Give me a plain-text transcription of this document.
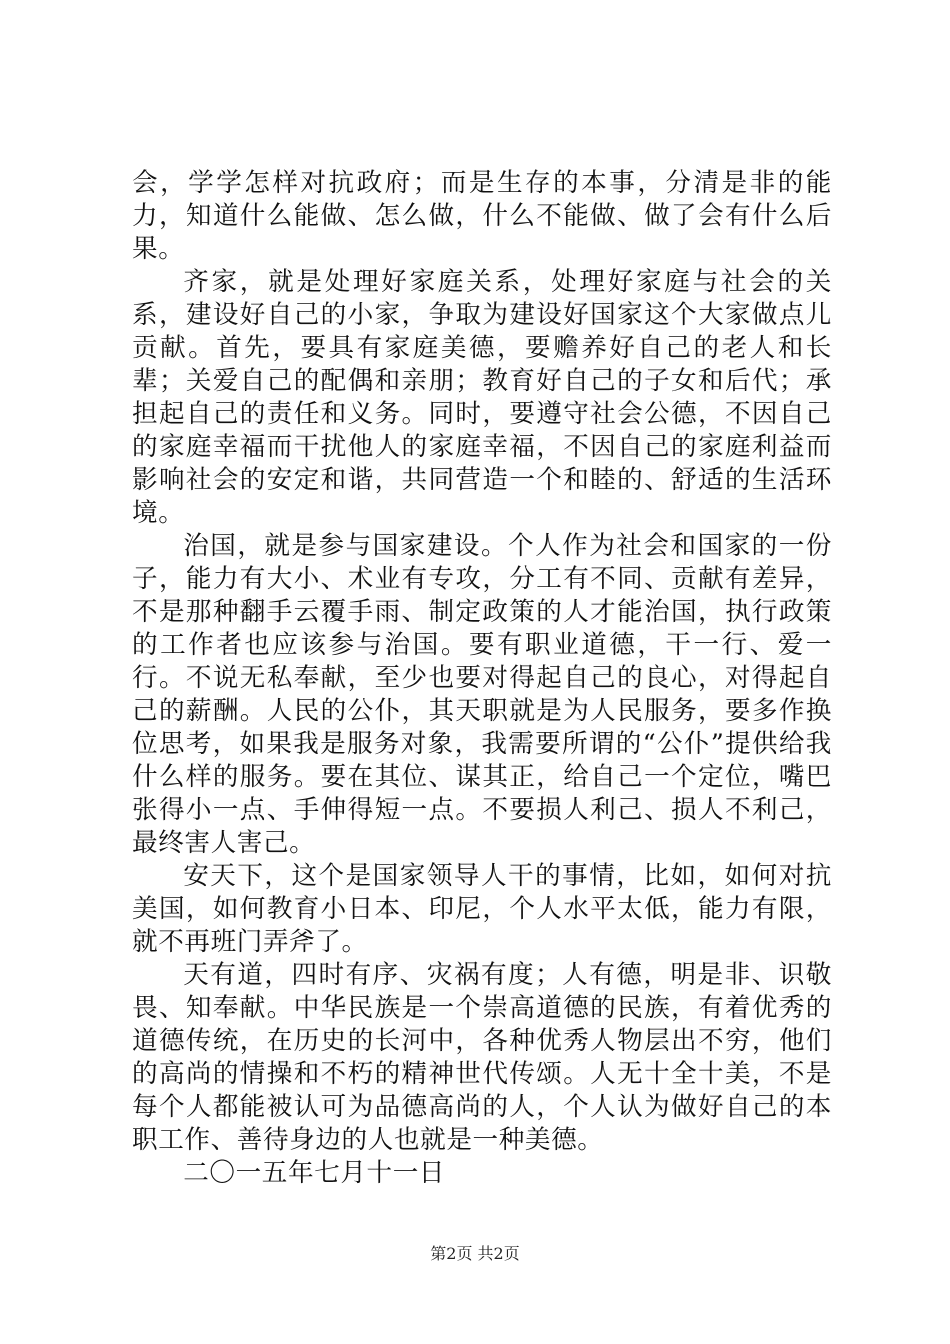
会，学学怎样对抗政府；而是生存的本事，分清是非的能力，知道什么能做、怎么做，什么不能做、做了会有什么后果。

齐家，就是处理好家庭关系，处理好家庭与社会的关系，建设好自己的小家，争取为建设好国家这个大家做点儿贡献。首先，要具有家庭美德，要赡养好自己的老人和长辈；关爱自己的配偶和亲朋；教育好自己的子女和后代；承担起自己的责任和义务。同时，要遵守社会公德，不因自己的家庭幸福而干扰他人的家庭幸福，不因自己的家庭利益而影响社会的安定和谐，共同营造一个和睦的、舒适的生活环境。

治国，就是参与国家建设。个人作为社会和国家的一份子，能力有大小、术业有专攻，分工有不同、贡献有差异，不是那种翻手云覆手雨、制定政策的人才能治国，执行政策的工作者也应该参与治国。要有职业道德，干一行、爱一行。不说无私奉献，至少也要对得起自己的良心，对得起自己的薪酬。人民的公仆，其天职就是为人民服务，要多作换位思考，如果我是服务对象，我需要所谓的“公仆”提供给我什么样的服务。要在其位、谋其正，给自己一个定位，嘴巴张得小一点、手伸得短一点。不要损人利己、损人不利己，最终害人害己。

安天下，这个是国家领导人干的事情，比如，如何对抗美国，如何教育小日本、印尼，个人水平太低，能力有限，就不再班门弄斧了。

天有道，四时有序、灾祸有度；人有德，明是非、识敬畏、知奉献。中华民族是一个崇高道德的民族，有着优秀的道德传统，在历史的长河中，各种优秀人物层出不穷，他们的高尚的情操和不朽的精神世代传颂。人无十全十美，不是每个人都能被认可为品德高尚的人，个人认为做好自己的本职工作、善待身边的人也就是一种美德。

二〇一五年七月十一日

第2页 共2页
